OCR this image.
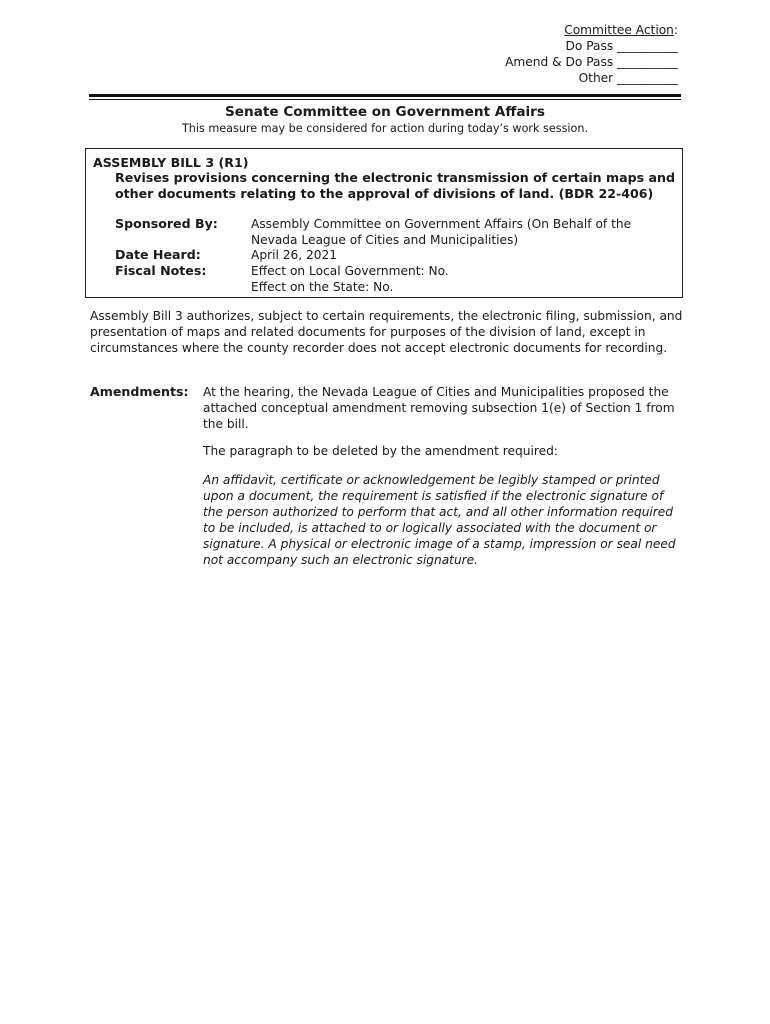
Committee Action:
Do Pass __________
Amend & Do Pass __________
Other __________
Senate Committee on Government Affairs
This measure may be considered for action during today’s work session.
ASSEMBLY BILL 3 (R1)
Revises provisions concerning the electronic transmission of certain maps and other documents relating to the approval of divisions of land. (BDR 22-406)
Sponsored By:	Assembly Committee on Government Affairs (On Behalf of the Nevada League of Cities and Municipalities)
Date Heard:	April 26, 2021
Fiscal Notes:	Effect on Local Government: No.
Effect on the State: No.
Assembly Bill 3 authorizes, subject to certain requirements, the electronic filing, submission, and presentation of maps and related documents for purposes of the division of land, except in circumstances where the county recorder does not accept electronic documents for recording.
Amendments: At the hearing, the Nevada League of Cities and Municipalities proposed the attached conceptual amendment removing subsection 1(e) of Section 1 from the bill.
The paragraph to be deleted by the amendment required:
An affidavit, certificate or acknowledgement be legibly stamped or printed upon a document, the requirement is satisfied if the electronic signature of the person authorized to perform that act, and all other information required to be included, is attached to or logically associated with the document or signature. A physical or electronic image of a stamp, impression or seal need not accompany such an electronic signature.
